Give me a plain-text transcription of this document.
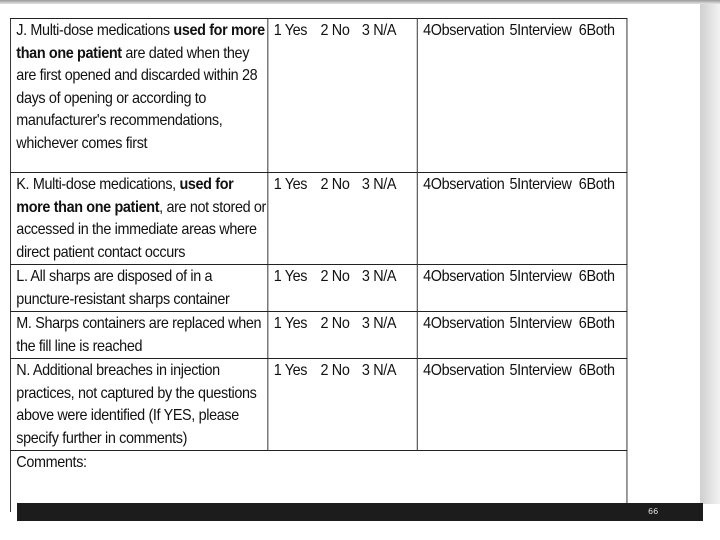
J. Multi-dose medications used for more than one patient are dated when they are first opened and discarded within 28 days of opening or according to manufacturer's recommendations, whichever comes first	1 Yes 2 No 3 N/A	4Observation 5Interview 6Both
K. Multi-dose medications, used for more than one patient, are not stored or accessed in the immediate areas where direct patient contact occurs	1 Yes 2 No 3 N/A	4Observation 5Interview 6Both
L. All sharps are disposed of in a puncture-resistant sharps container	1 Yes 2 No 3 N/A	4Observation 5Interview 6Both
M. Sharps containers are replaced when the fill line is reached	1 Yes 2 No 3 N/A	4Observation 5Interview 6Both
N. Additional breaches in injection practices, not captured by the questions above were identified (If YES, please specify further in comments)	1 Yes 2 No 3 N/A	4Observation 5Interview 6Both
Comments:		
66
